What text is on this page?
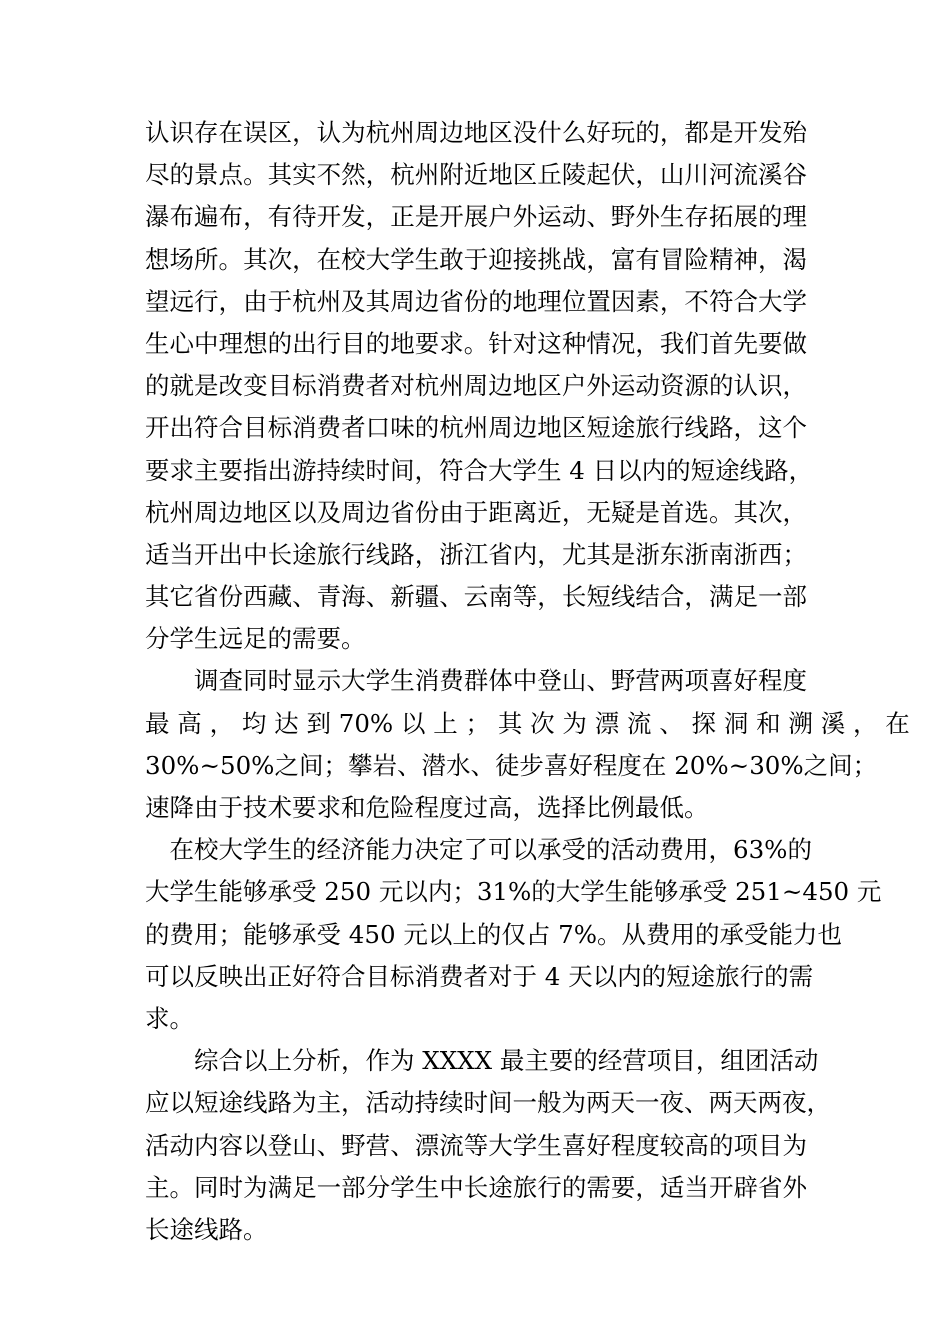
认识存在误区，认为杭州周边地区没什么好玩的，都是开发殆
尽的景点。其实不然，杭州附近地区丘陵起伏，山川河流溪谷
瀑布遍布，有待开发，正是开展户外运动、野外生存拓展的理
想场所。其次，在校大学生敢于迎接挑战，富有冒险精神，渴
望远行，由于杭州及其周边省份的地理位置因素，不符合大学
生心中理想的出行目的地要求。针对这种情况，我们首先要做
的就是改变目标消费者对杭州周边地区户外运动资源的认识，
开出符合目标消费者口味的杭州周边地区短途旅行线路，这个
要求主要指出游持续时间，符合大学生 4 日以内的短途线路，
杭州周边地区以及周边省份由于距离近，无疑是首选。其次，
适当开出中长途旅行线路，浙江省内，尤其是浙东浙南浙西；
其它省份西藏、青海、新疆、云南等，长短线结合，满足一部
分学生远足的需要。
　　调查同时显示大学生消费群体中登山、野营两项喜好程度
最 高 ， 均 达 到 70% 以 上 ； 其 次 为 漂 流 、 探 洞 和 溯 溪 ， 在
30%~50%之间；攀岩、潜水、徒步喜好程度在 20%~30%之间；
速降由于技术要求和危险程度过高，选择比例最低。
　在校大学生的经济能力决定了可以承受的活动费用，63%的
大学生能够承受 250 元以内；31%的大学生能够承受 251~450 元
的费用；能够承受 450 元以上的仅占 7%。从费用的承受能力也
可以反映出正好符合目标消费者对于 4 天以内的短途旅行的需
求。
　　综合以上分析，作为 XXXX 最主要的经营项目，组团活动
应以短途线路为主，活动持续时间一般为两天一夜、两天两夜，
活动内容以登山、野营、漂流等大学生喜好程度较高的项目为
主。同时为满足一部分学生中长途旅行的需要，适当开辟省外
长途线路。
